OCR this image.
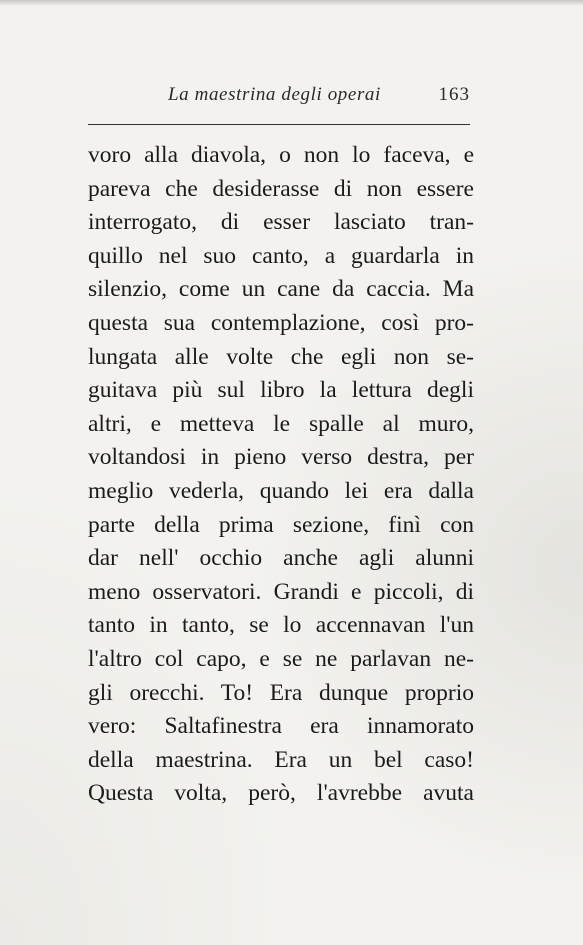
La maestrina degli operai	163
voro alla diavola, o non lo faceva, e
pareva che desiderasse di non essere
interrogato, di esser lasciato tran-
quillo nel suo canto, a guardarla in
silenzio, come un cane da caccia. Ma
questa sua contemplazione, così pro-
lungata alle volte che egli non se-
guitava più sul libro la lettura degli
altri, e metteva le spalle al muro,
voltandosi in pieno verso destra, per
meglio vederla, quando lei era dalla
parte della prima sezione, finì con
dar nell' occhio anche agli alunni
meno osservatori. Grandi e piccoli, di
tanto in tanto, se lo accennavan l'un
l'altro col capo, e se ne parlavan ne-
gli orecchi. To! Era dunque proprio
vero: Saltafinestra era innamorato
della maestrina. Era un bel caso!
Questa volta, però, l'avrebbe avuta
